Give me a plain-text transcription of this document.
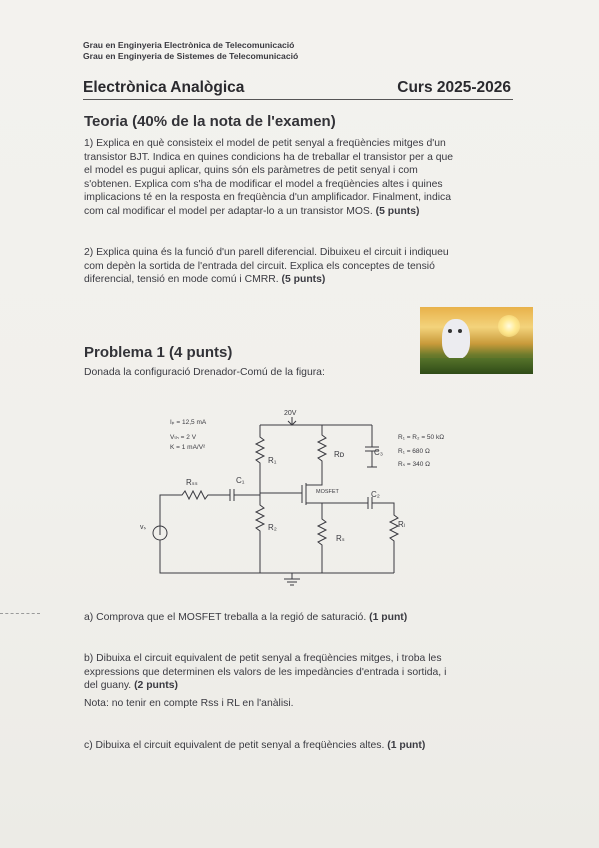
Grau en Enginyeria Electrònica de Telecomunicació
Grau en Enginyeria de Sistemes de Telecomunicació
Electrònica Analògica	Curs 2025-2026
Teoria (40% de la nota de l'examen)
1) Explica en què consisteix el model de petit senyal a freqüències mitges d'un
transistor BJT. Indica en quines condicions ha de treballar el transistor per a que
el model es pugui aplicar, quins són els paràmetres de petit senyal i com
s'obtenen. Explica com s'ha de modificar el model a freqüències altes i quines
implicacions té en la resposta en freqüència d'un amplificador. Finalment, indica
com cal modificar el model per adaptar-lo a un transistor MOS. (5 punts)
2) Explica quina és la funció d'un parell diferencial. Dibuixeu el circuit i indiqueu
com depèn la sortida de l'entrada del circuit. Explica els conceptes de tensió
diferencial, tensió en mode comú i CMRR. (5 punts)
Problema 1 (4 punts)
Donada la configuració Drenador-Comú de la figura:
Iₚ = 12,5 mA
Vₜₕ = 2 V
K = 1 mA/V²
20V
R₁ = R₂ = 50 kΩ
R₁ = 680 Ω
Rₛ = 340 Ω
R₁
R₂
Rᴅ
Rₛ
Rₗ
Rₛₛ	C₁
C₂
C₃
MOSFET
vₛ
a) Comprova que el MOSFET treballa a la regió de saturació. (1 punt)
b) Dibuixa el circuit equivalent de petit senyal a freqüències mitges, i troba les
expressions que determinen els valors de les impedàncies d'entrada i sortida, i
del guany. (2 punts)
Nota: no tenir en compte Rss i RL en l'anàlisi.
c) Dibuixa el circuit equivalent de petit senyal a freqüències altes. (1 punt)
